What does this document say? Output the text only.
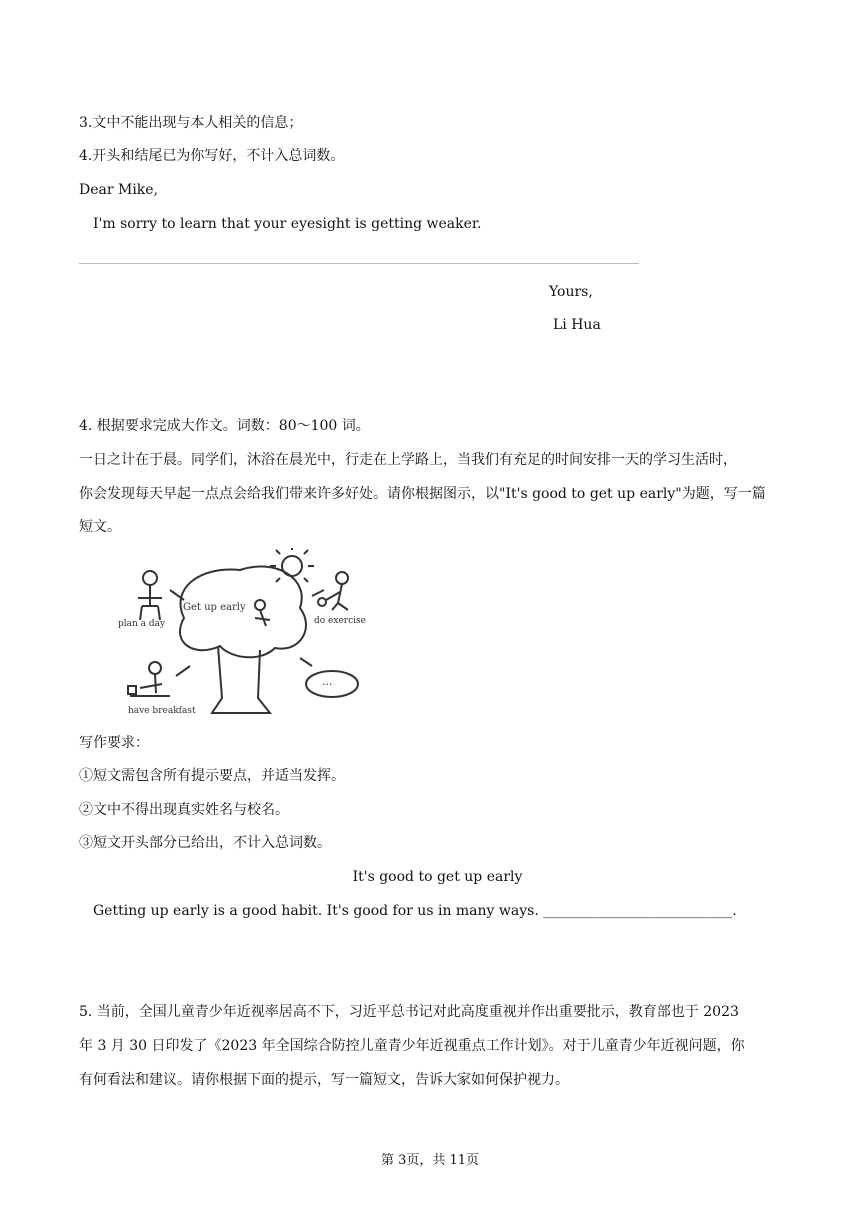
3.文中不能出现与本人相关的信息；
4.开头和结尾已为你写好，不计入总词数。
Dear Mike,
I'm sorry to learn that your eyesight is getting weaker.
Yours,
Li Hua
4. 根据要求完成大作文。词数：80～100 词。
一日之计在于晨。同学们，沐浴在晨光中，行走在上学路上，当我们有充足的时间安排一天的学习生活时，
你会发现每天早起一点点会给我们带来许多好处。请你根据图示，以"It's good to get up early"为题，写一篇
短文。
Get up early
plan a day	do exercise
have breakfast
···
写作要求：
①短文需包含所有提示要点，并适当发挥。
②文中不得出现真实姓名与校名。
③短文开头部分已给出，不计入总词数。
It's good to get up early
Getting up early is a good habit. It's good for us in many ways. ___________________________.
5. 当前，全国儿童青少年近视率居高不下，习近平总书记对此高度重视并作出重要批示，教育部也于 2023
年 3 月 30 日印发了《2023 年全国综合防控儿童青少年近视重点工作计划》。对于儿童青少年近视问题，你
有何看法和建议。请你根据下面的提示，写一篇短文，告诉大家如何保护视力。
第 3页，共 11页
